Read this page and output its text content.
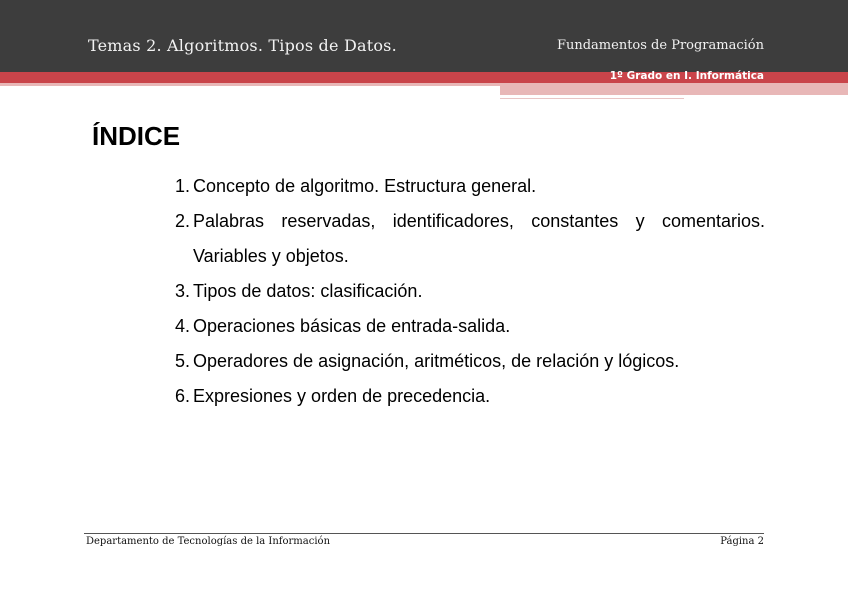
Temas 2. Algoritmos. Tipos de Datos.	Fundamentos de Programación
1º Grado en I. Informática
ÍNDICE
1. Concepto de algoritmo. Estructura general.
2. Palabras reservadas, identificadores, constantes y comentarios. Variables y objetos.
3. Tipos de datos: clasificación.
4. Operaciones básicas de entrada-salida.
5. Operadores de asignación, aritméticos, de relación y lógicos.
6. Expresiones y orden de precedencia.
Departamento de Tecnologías de la Información	Página 2
